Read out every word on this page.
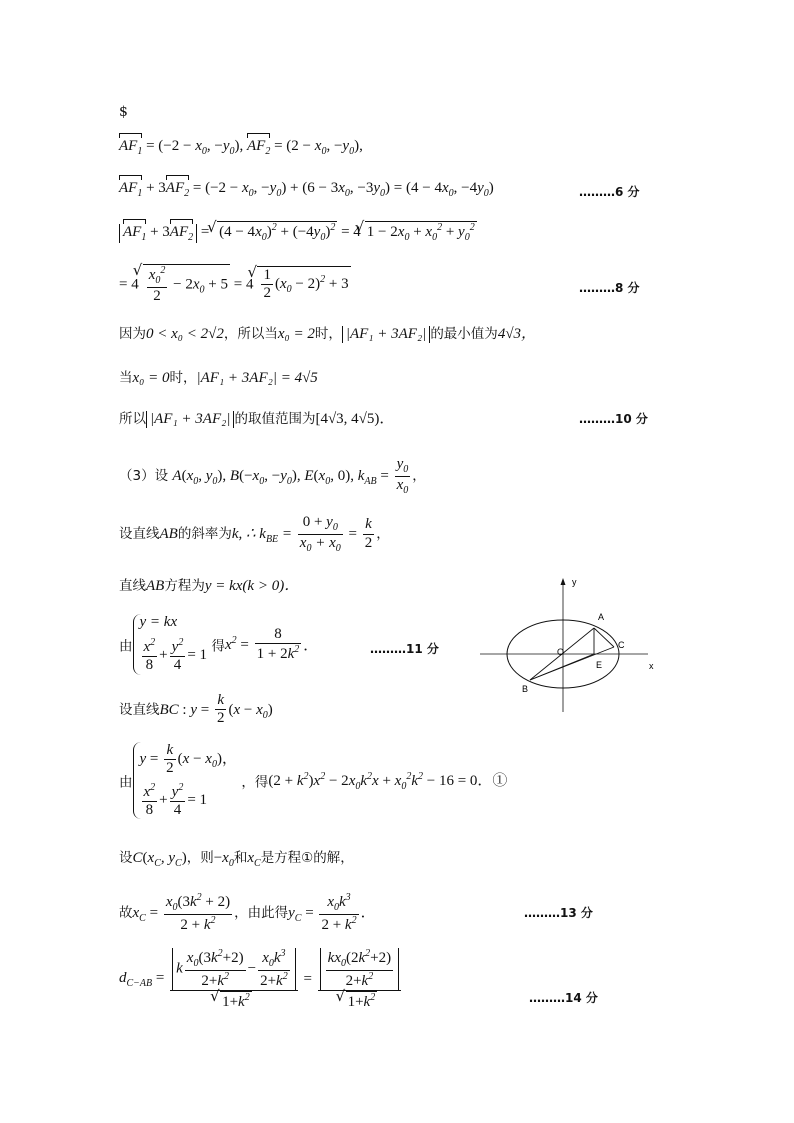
$
$AF_1 = (-2 - x_0$, $-y_0$), $AF_2 = (2 - x_0$, $-y_0$),
$AF_1 + 3AF_2 = (-2 - x_0$, $-y_0) + (6 - 3x_0$, $-3y_0) = (4 - 4x_0$, $-4y_0$)	………6 分
$AF_1 + 3AF_2$ = √ $(4 - 4x_0)^2 + (-4y_0)^2 = 4√$ $1 - 2x_0 + x_0^2 + y_0^2$
= 4
√ $\frac{x_0^2}{2} - 2x_0 + 5 = 4$
√ $\frac{1}{2} (x_0 - 2)^2 + 3$	………8 分
因为0 < x₀ < 2√2，所以当x₀ = 2时， |AF₁ + 3AF₂| 的最小值为4√3，
当x₀ = 0时，|AF₁ + 3AF₂| = 4√5
所以 |AF₁ + 3AF₂| 的取值范围为[4√3, 4√5)．	………10 分
（3）设 $A(x_0$, $y_0$), $B(-x_0$, $-y_0$), $E(x_0$, 0), $k_{AB} = \frac{y_0}{x_0}$ ，
设直线AB的斜率为k, ∴ $k_{BE} = \frac{0 + y_0}{x_0 + x_0} = \frac{k}{2}$ ，
直线AB方程为y = kx(k > 0)．
由
y = kx
$\frac{x^2}{8} + \frac{y^2}{4} = 1$
得$x^2 = \frac{8}{1 + 2k^2}$ ．	………11 分
y
x
A
B
C
E
O
设直线BC : $y = \frac{k}{2} (x - x_0)$
由
$y = \frac{k}{2} (x - x_0)$，
$\frac{x^2}{8} + \frac{y^2}{4} = 1$
，得$(2 + k^2)x^2 - 2x_0k^2x + x_0^2k^2 - 16 = 0$．①
设$C(x_C$, $y_C$)，则$-x_0$和$x_C$是方程①的解，
故$x_C = \frac{x_0(3k^2 + 2)}{2 + k^2}$ ，由此得$y_C = \frac{x_0k^3}{2 + k^2}$ ．	………13 分
$d_{C-AB} = k \frac{x_0(3k^2+2)}{2+k^2} - \frac{x_0k^3}{2+k^2}$
√ $1+k^2 = \frac{kx_0(2k^2+2)}{2+k^2}$
√ $1+k^2$	………14 分
